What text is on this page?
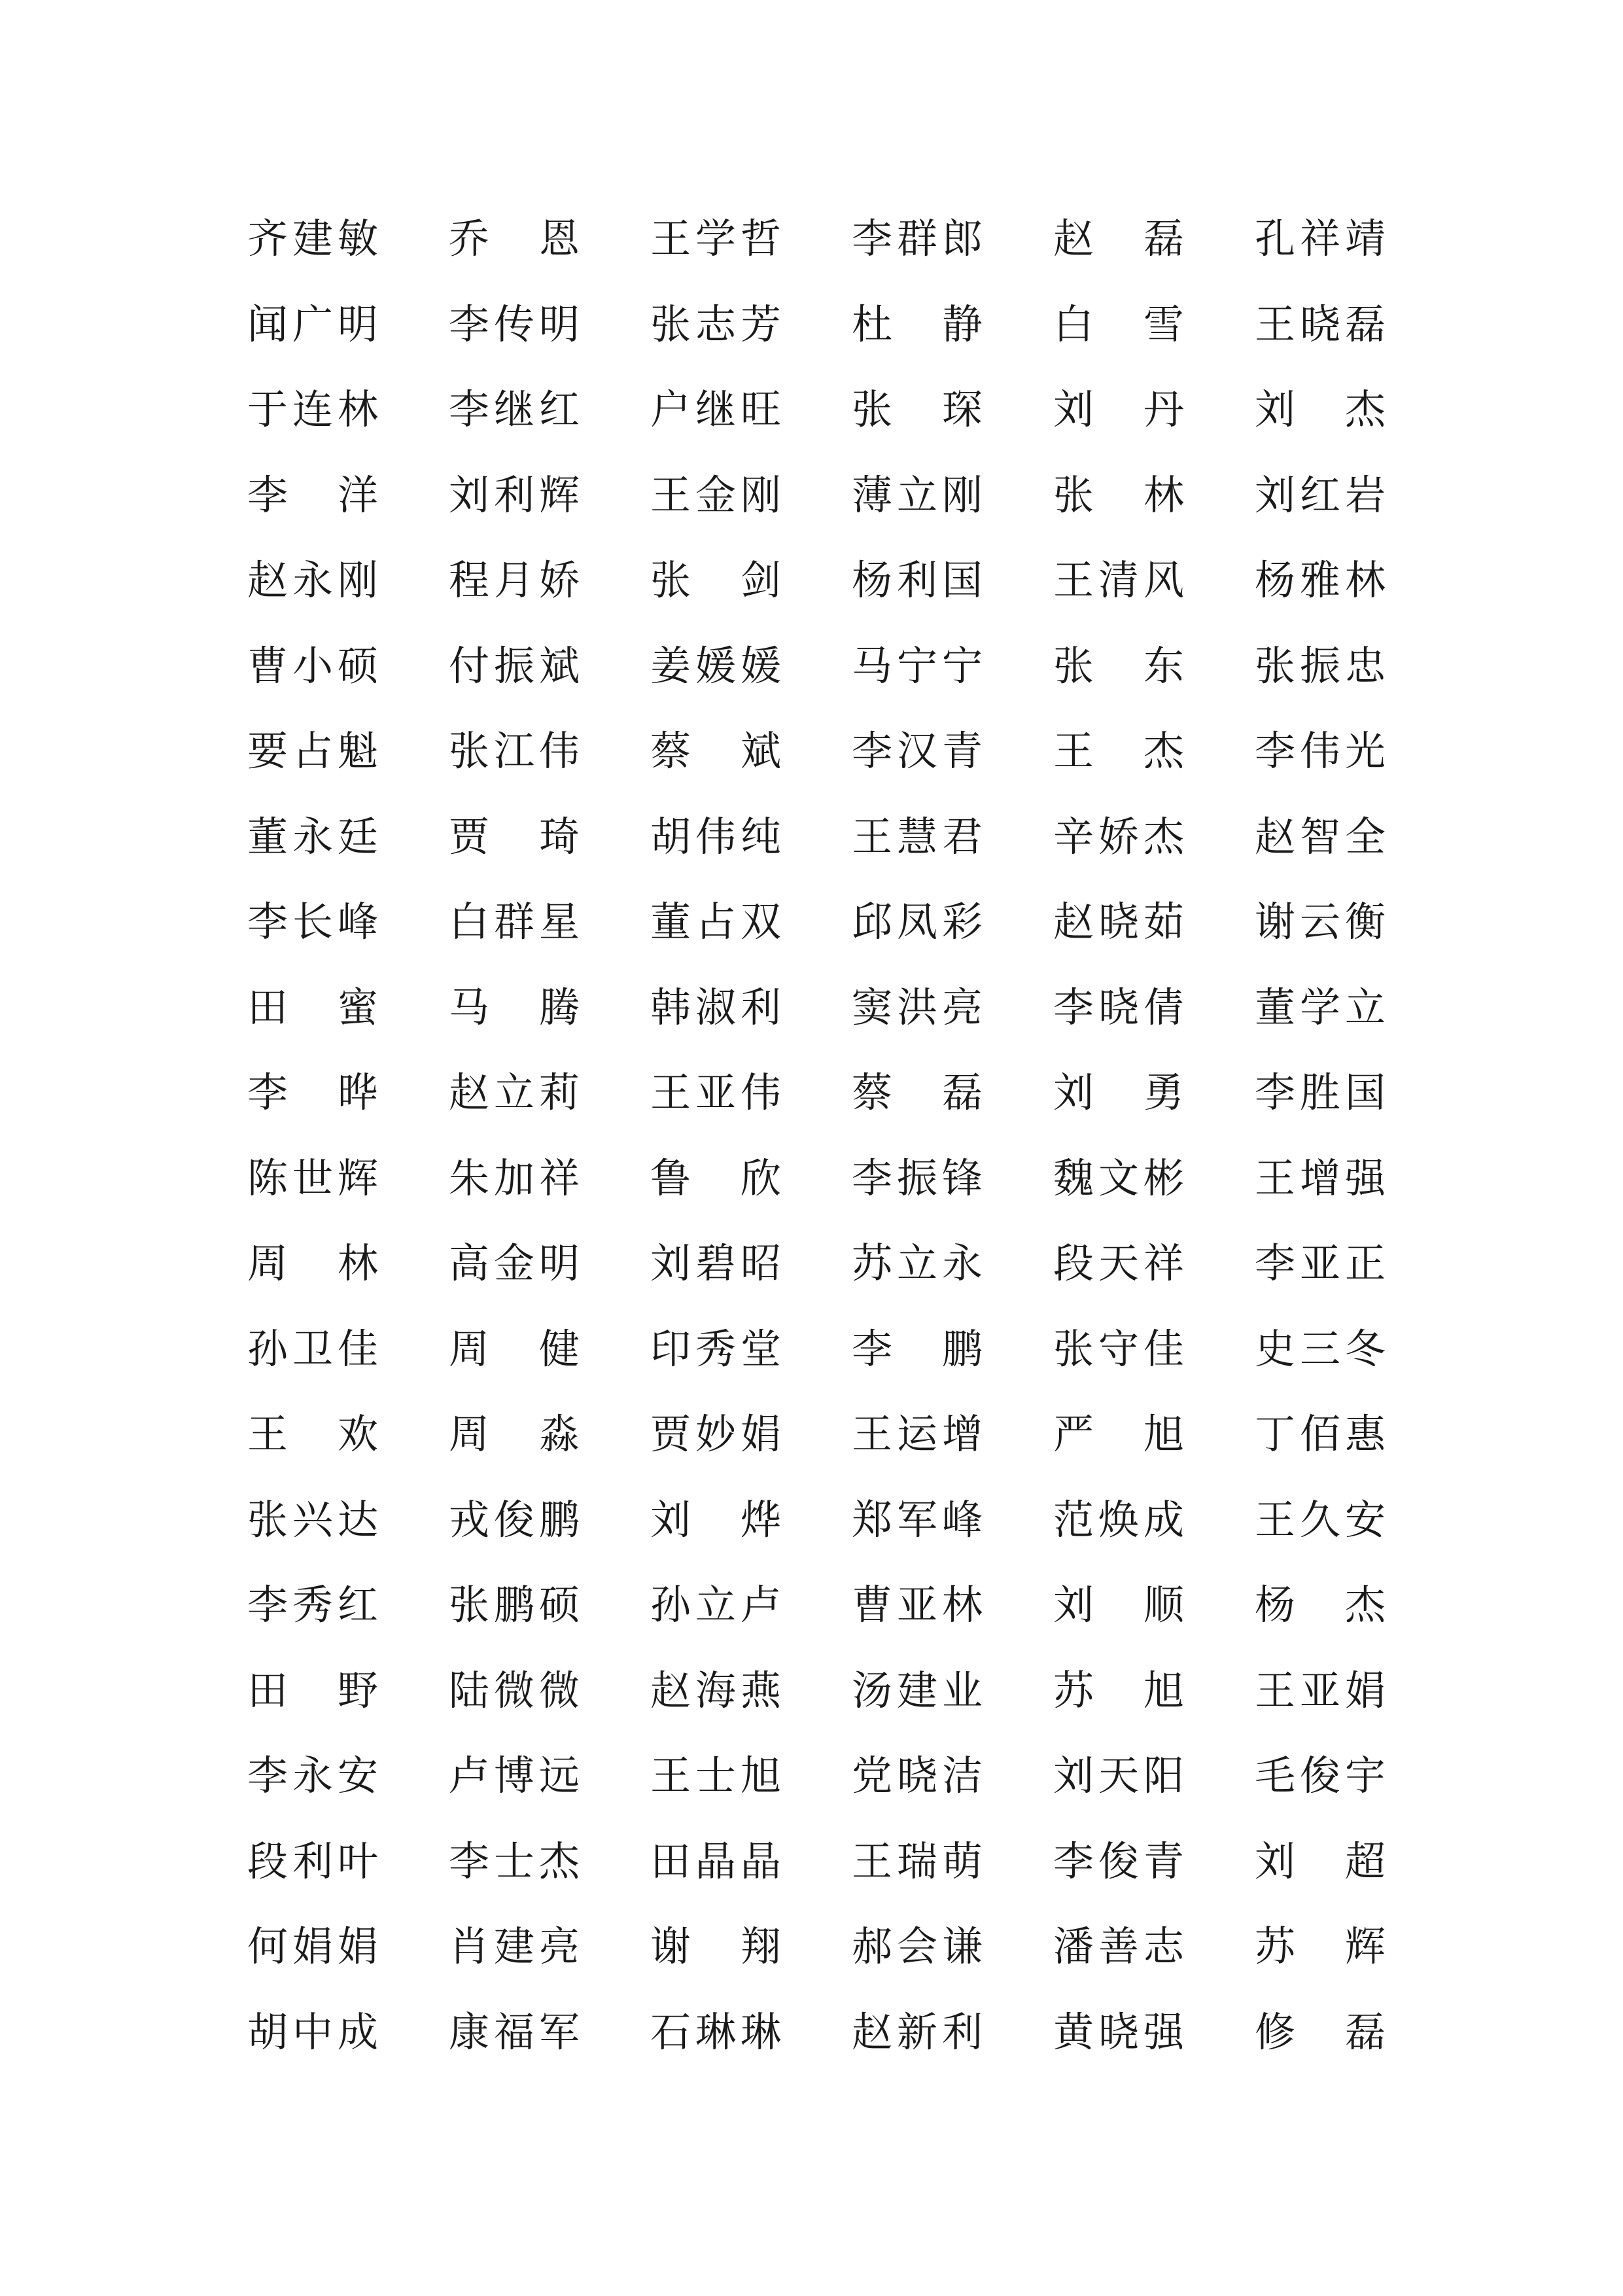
齐 建 敏 乔 恩 王 学 哲 李 群 郎 赵 磊 孔 祥 靖
闻 广 明 李 传 明 张 志 芳 杜 静 白 雪 王 晓 磊
于 连 林 李 继 红 户 继 旺 张 琛 刘 丹 刘 杰
李 洋 刘 利 辉 王 金 刚 薄 立 刚 张 林 刘 红 岩
赵 永 刚 程 月 娇 张 剑 杨 利 国 王 清 风 杨 雅 林
曹 小 硕 付 振 斌 姜 媛 媛 马 宁 宁 张 东 张 振 忠
要 占 魁 张 江 伟 蔡 斌 李 汉 青 王 杰 李 伟 光
董 永 廷 贾 琦 胡 伟 纯 王 慧 君 辛 娇 杰 赵 智 全
李 长 峰 白 群 星 董 占 双 邱 凤 彩 赵 晓 茹 谢 云 衡
田 蜜 马 腾 韩 淑 利 窦 洪 亮 李 晓 倩 董 学 立
李 晔 赵 立 莉 王 亚 伟 蔡 磊 刘 勇 李 胜 国
陈 世 辉 朱 加 祥 鲁 欣 李 振 锋 魏 文 彬 王 增 强
周 林 高 金 明 刘 碧 昭 苏 立 永 段 天 祥 李 亚 正
孙 卫 佳 周 健 印 秀 堂 李 鹏 张 守 佳 史 三 冬
王 欢 周 淼 贾 妙 娟 王 运 增 严 旭 丁 佰 惠
张 兴 达 戎 俊 鹏 刘 烨 郑 军 峰 范 焕 成 王 久 安
李 秀 红 张 鹏 硕 孙 立 卢 曹 亚 林 刘 顺 杨 杰
田 野 陆 微 微 赵 海 燕 汤 建 业 苏 旭 王 亚 娟
李 永 安 卢 博 远 王 士 旭 党 晓 洁 刘 天 阳 毛 俊 宇
段 利 叶 李 士 杰 田 晶 晶 王 瑞 萌 李 俊 青 刘 超
何 娟 娟 肖 建 亮 谢 翔 郝 会 谦 潘 善 志 苏 辉
胡 中 成 康 福 军 石 琳 琳 赵 新 利 黄 晓 强 修 磊
